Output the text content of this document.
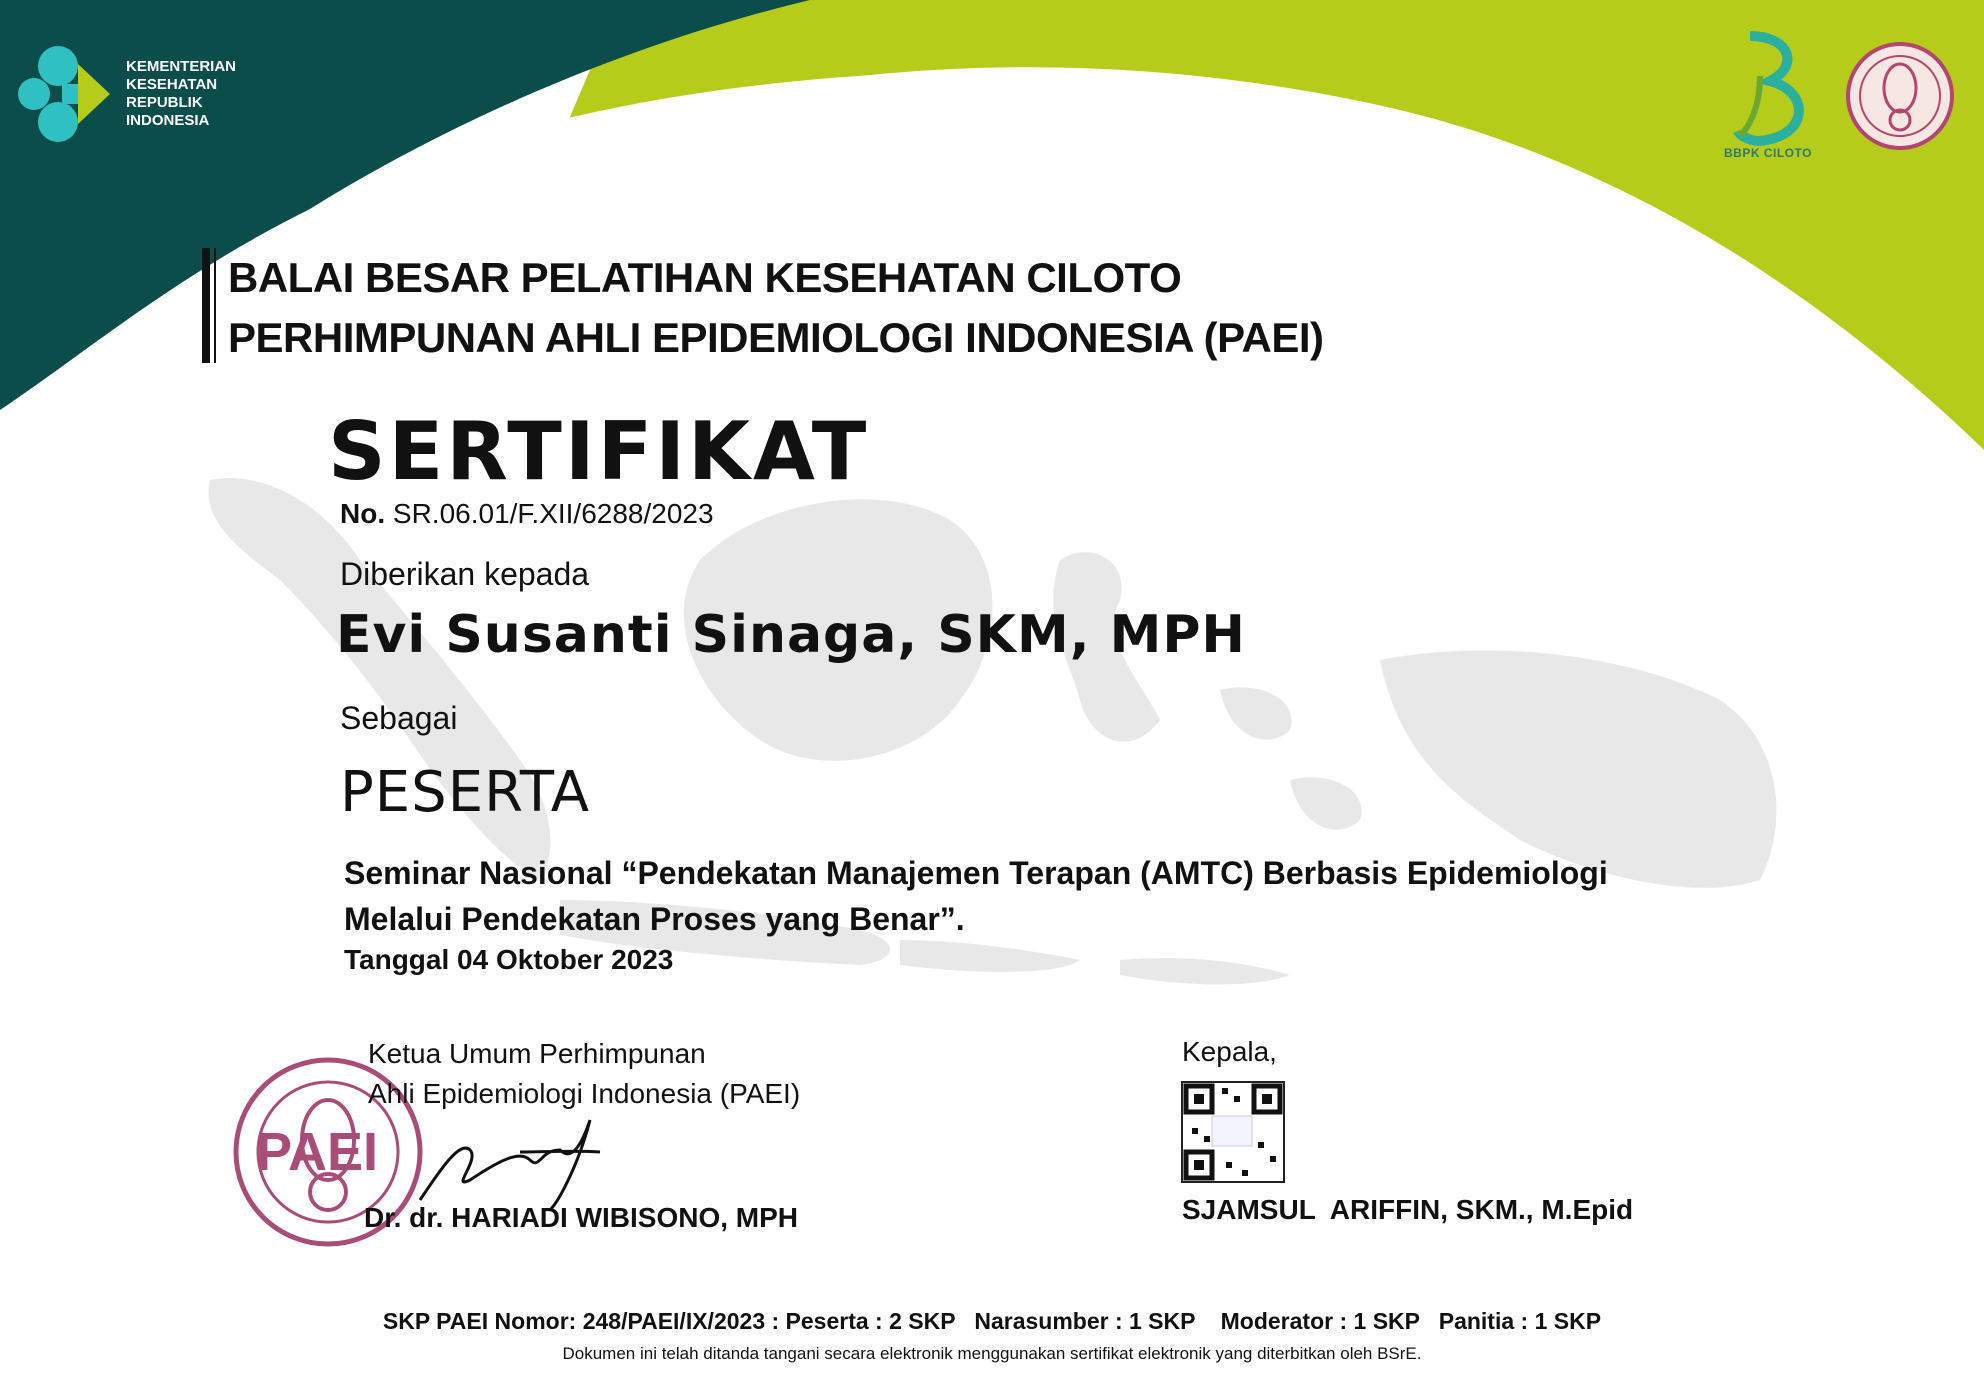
PAEI
KEMENTERIAN
KESEHATAN
REPUBLIK
INDONESIA
BBPK CILOTO
BALAI BESAR PELATIHAN KESEHATAN CILOTO
PERHIMPUNAN AHLI EPIDEMIOLOGI INDONESIA (PAEI)
SERTIFIKAT
No. SR.06.01/F.XII/6288/2023
Diberikan kepada
Evi Susanti Sinaga, SKM, MPH
Sebagai
PESERTA
Seminar Nasional “Pendekatan Manajemen Terapan (AMTC) Berbasis Epidemiologi
Melalui Pendekatan Proses yang Benar”.
Tanggal 04 Oktober 2023
Ketua Umum Perhimpunan
Ahli Epidemiologi Indonesia (PAEI)
Dr. dr. HARIADI WIBISONO, MPH
Kepala,
SJAMSUL  ARIFFIN, SKM., M.Epid
SKP PAEI Nomor: 248/PAEI/IX/2023 : Peserta : 2 SKP   Narasumber : 1 SKP    Moderator : 1 SKP   Panitia : 1 SKP
Dokumen ini telah ditanda tangani secara elektronik menggunakan sertifikat elektronik yang diterbitkan oleh BSrE.
